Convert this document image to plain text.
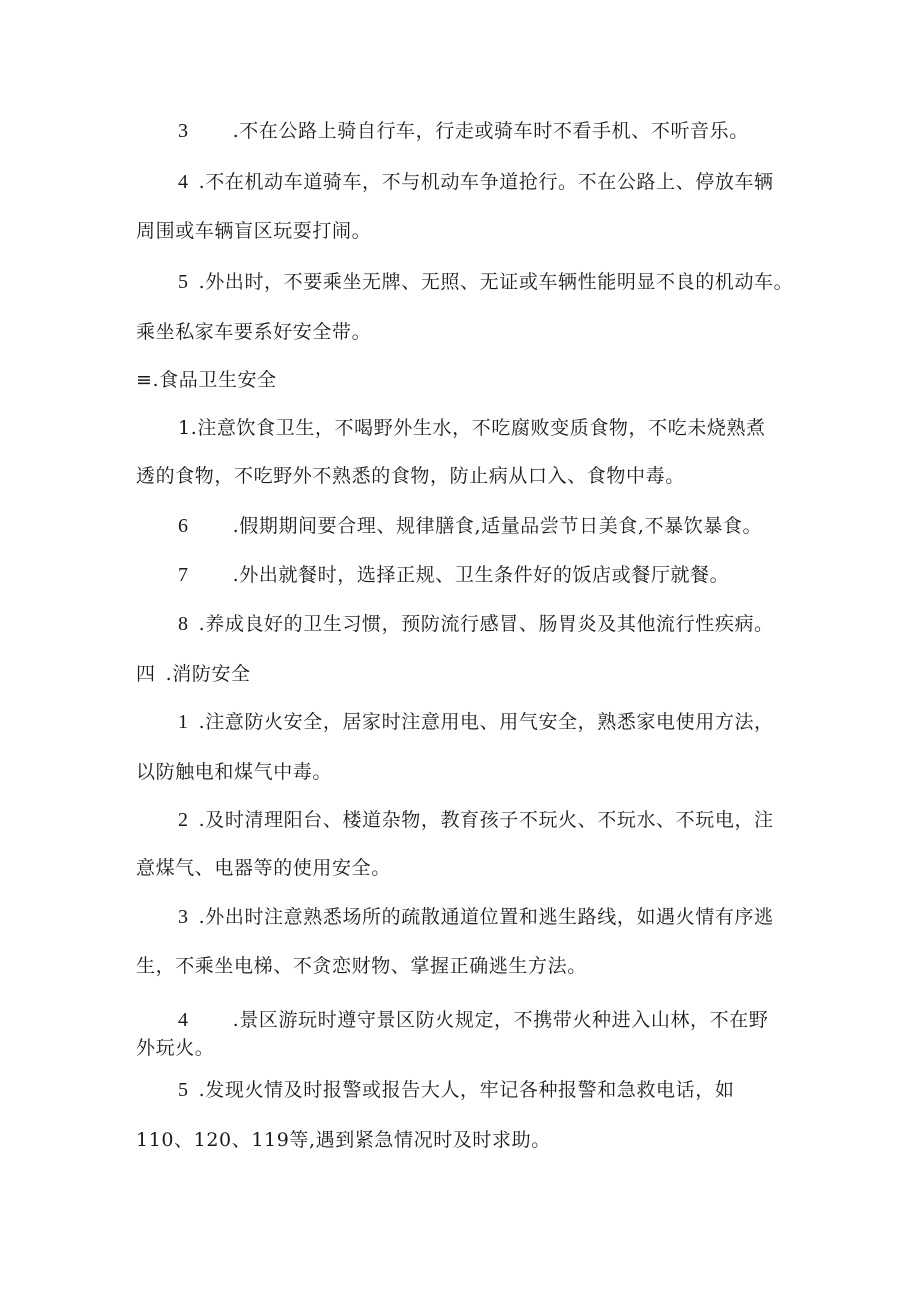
3 .不在公路上骑自行车，行走或骑车时不看手机、不听音乐。
4 .不在机动车道骑车，不与机动车争道抢行。不在公路上、停放车辆
周围或车辆盲区玩耍打闹。
5 .外出时，不要乘坐无牌、无照、无证或车辆性能明显不良的机动车。
乘坐私家车要系好安全带。
≡.食品卫生安全
1.注意饮食卫生，不喝野外生水，不吃腐败变质食物，不吃未烧熟煮
透的食物，不吃野外不熟悉的食物，防止病从口入、食物中毒。
6 .假期期间要合理、规律膳食,适量品尝节日美食,不暴饮暴食。
7 .外出就餐时，选择正规、卫生条件好的饭店或餐厅就餐。
8 .养成良好的卫生习惯，预防流行感冒、肠胃炎及其他流行性疾病。
四 .消防安全
1 .注意防火安全，居家时注意用电、用气安全，熟悉家电使用方法，
以防触电和煤气中毒。
2 .及时清理阳台、楼道杂物，教育孩子不玩火、不玩水、不玩电，注
意煤气、电器等的使用安全。
3 .外出时注意熟悉场所的疏散通道位置和逃生路线，如遇火情有序逃
生，不乘坐电梯、不贪恋财物、掌握正确逃生方法。
4 .景区游玩时遵守景区防火规定，不携带火种进入山林，不在野
外玩火。
5 .发现火情及时报警或报告大人，牢记各种报警和急救电话，如
110、120、119等,遇到紧急情况时及时求助。
